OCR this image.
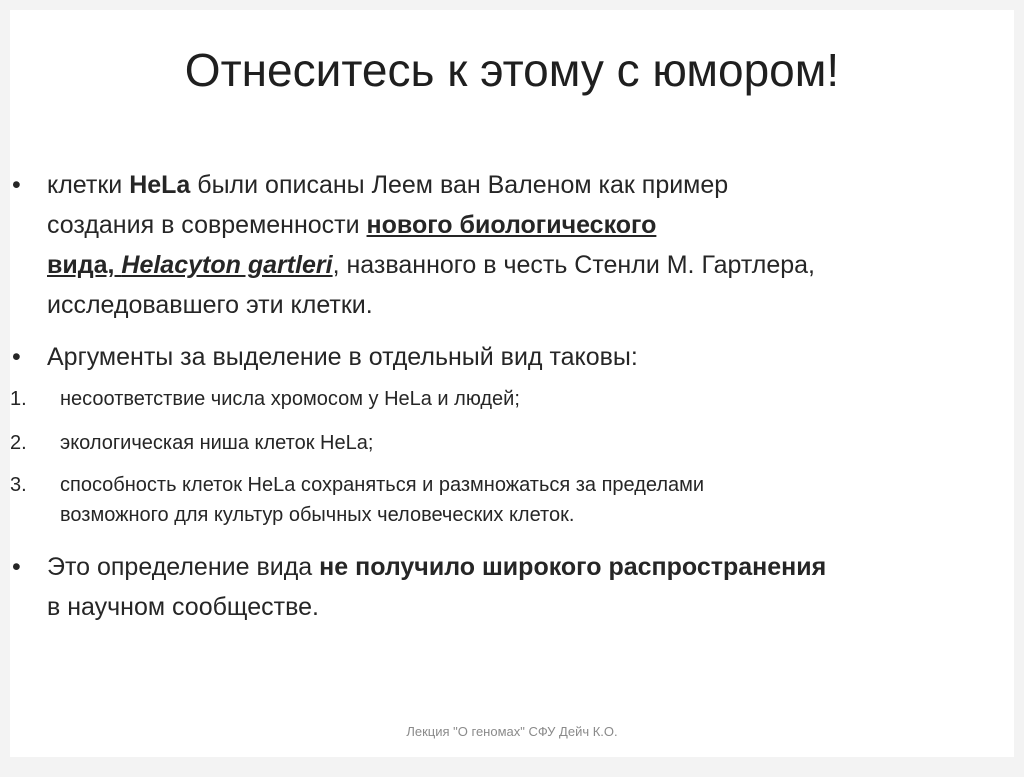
Отнеситесь к этому с юмором!
• клетки HeLa были описаны Леем ван Валеном как пример
создания в современности нового биологического
вида, Helacyton gartleri, названного в честь Стенли М. Гартлера,
исследовавшего эти клетки.
• Аргументы за выделение в отдельный вид таковы:
1. несоответствие числа хромосом у HeLa и людей;
2. экологическая ниша клеток HeLa;
3. способность клеток HeLa сохраняться и размножаться за пределами
возможного для культур обычных человеческих клеток.
• Это определение вида не получило широкого распространения
в научном сообществе.
Лекция "О геномах" СФУ Дейч К.О.
